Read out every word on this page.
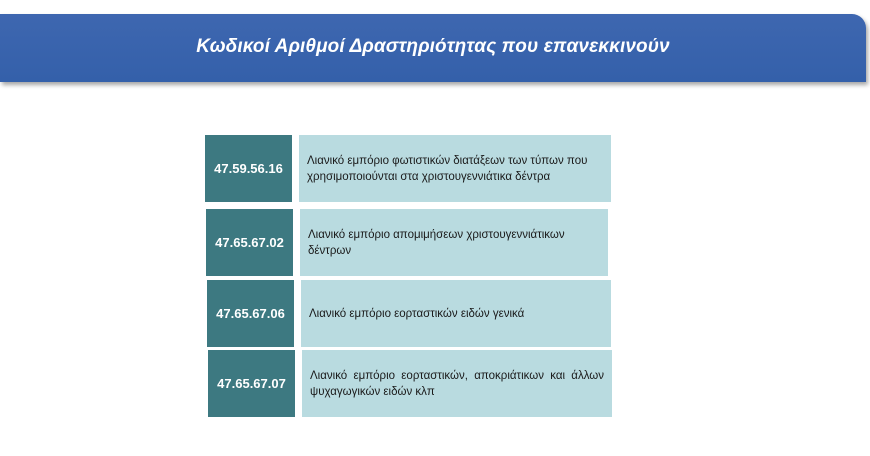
Κωδικοί Αριθμοί Δραστηριότητας που επανεκκινούν
47.59.56.16
Λιανικό εμπόριο φωτιστικών διατάξεων των τύπων που χρησιμοποιούνται στα χριστουγεννιάτικα δέντρα
47.65.67.02
Λιανικό εμπόριο απομιμήσεων χριστουγεννιάτικων δέντρων
47.65.67.06	Λιανικό εμπόριο εορταστικών ειδών γενικά
47.65.67.07
Λιανικό εμπόριο εορταστικών, αποκριάτικων και άλλων ψυχαγωγικών ειδών κλπ
